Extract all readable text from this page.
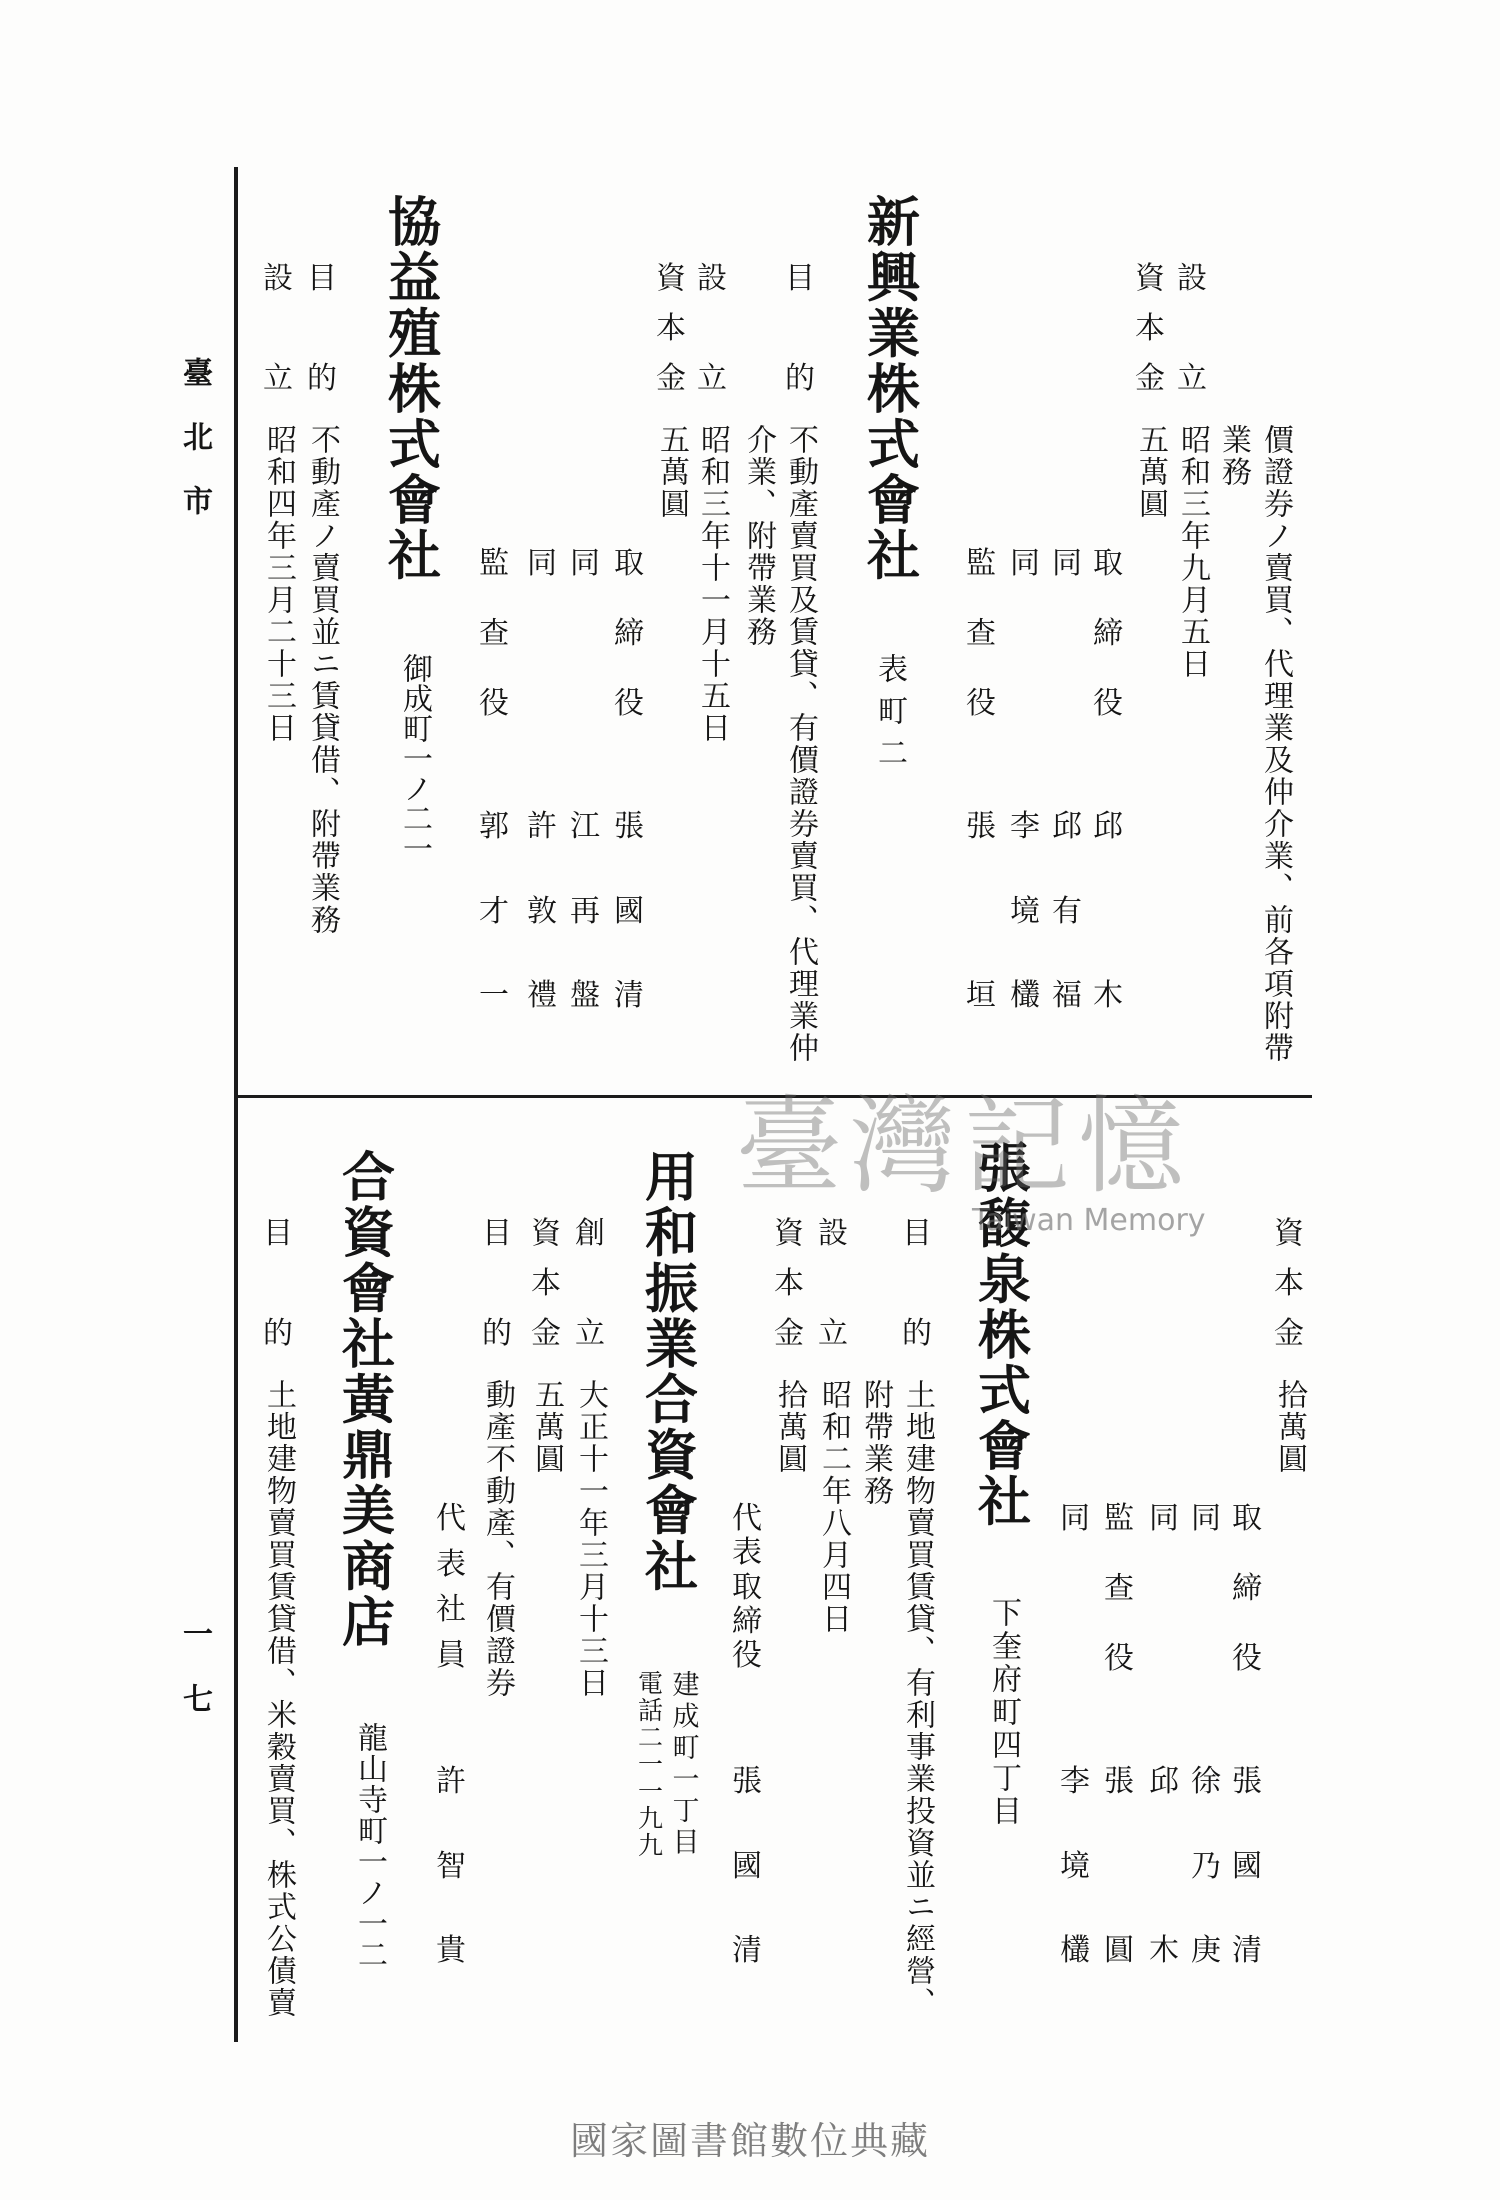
臺北市
一七
價證券ノ賣買、代理業及仲介業、前各項附帶
業務
設
立
昭和三年九月五日
資
本
金
五萬圓
取
締
役
邱
木
同
邱
有
福
同
李
境
欉
監
查
役
張
垣
新興業株式會社
表町二
目
的
不動產賣買及賃貸、有價證券賣買、代理業仲
介業、附帶業務
設
立
昭和三年十一月十五日
資
本
金
五萬圓
取
締
役
張
國
清
同
江
再
盤
同
許
敦
禮
監
查
役
郭
才
一
協益殖株式會社
御成町一ノ二一
目
的
不動產ノ賣買並ニ賃貸借、附帶業務
設
立
昭和四年三月二十三日
資
本
金
拾萬圓
取
締
役
張
國
清
同
徐
乃
庚
同
邱
木
監
查
役
張
圓
同
李
境
欉
張馥泉株式會社
下奎府町四丁目
目
的
土地建物賣買賃貸、有利事業投資並ニ經營、
附帶業務
設
立
昭和二年八月四日
資
本
金
拾萬圓
代
表
取
締
役
張
國
清
用和振業合資會社
建成町一丁目
電話二一一九九
創
立
大正十一年三月十三日
資
本
金
五萬圓
目
的
動產不動產、有價證券
代
表
社
員
許
智
貴
合資會社黃鼎美商店
龍山寺町一ノ一二
目
的
土地建物賣買賃貸借、米穀賣買、株式公債賣
臺灣記憶
Taiwan Memory
國家圖書館數位典藏
